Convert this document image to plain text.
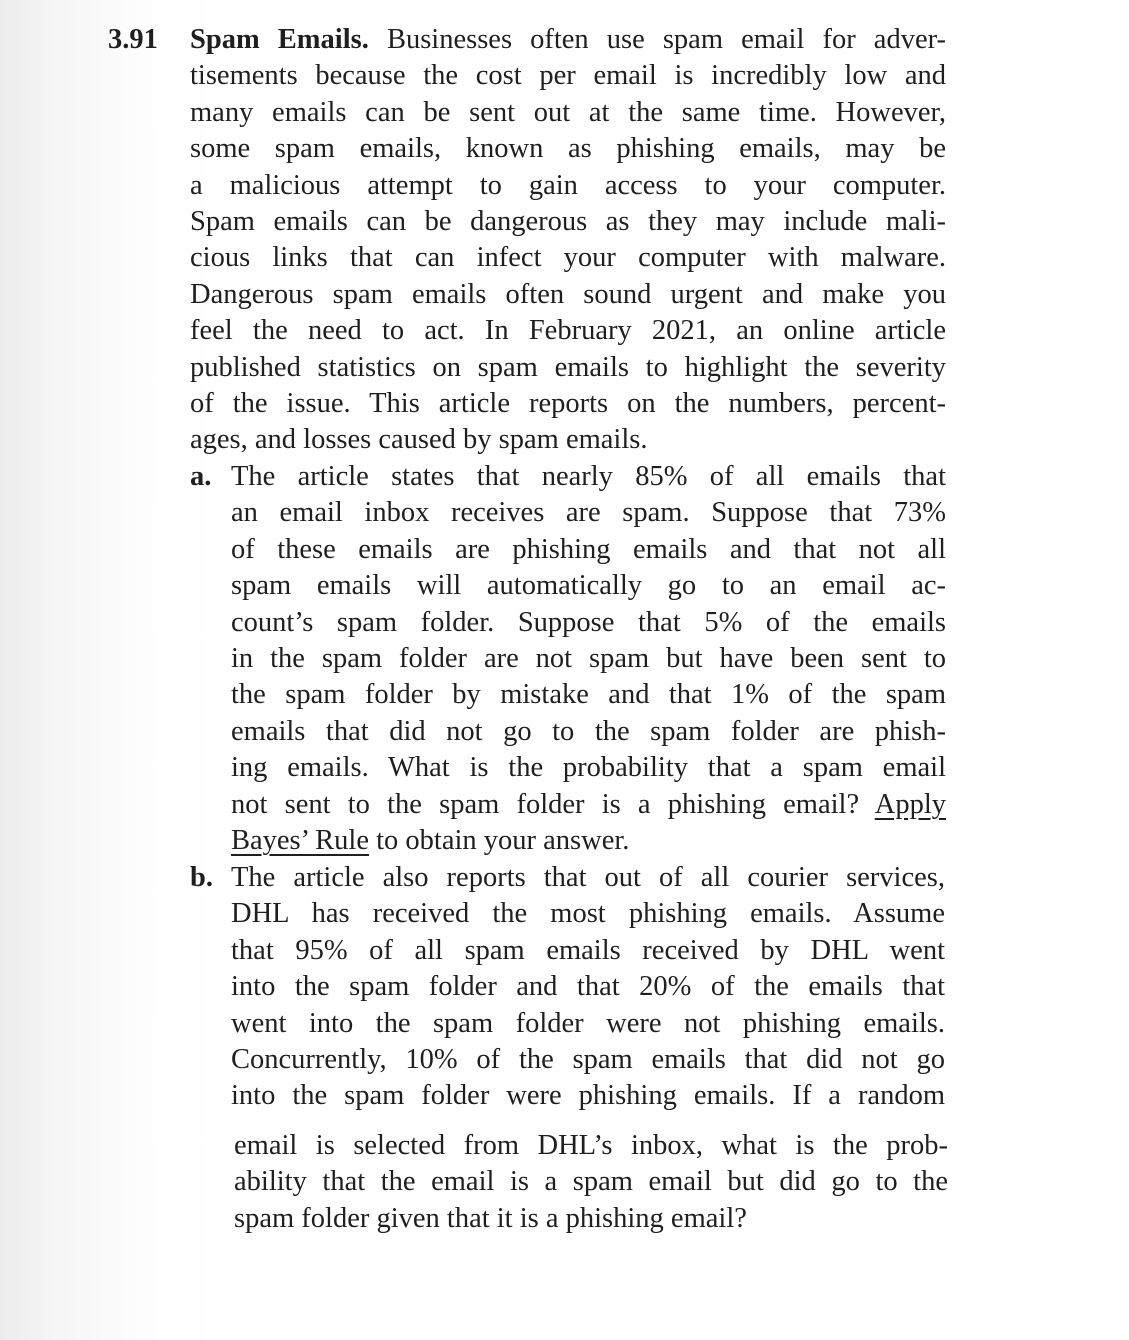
3.91 Spam Emails. Businesses often use spam email for adver-
tisements because the cost per email is incredibly low and
many emails can be sent out at the same time. However,
some spam emails, known as phishing emails, may be
a malicious attempt to gain access to your computer.
Spam emails can be dangerous as they may include mali-
cious links that can infect your computer with malware.
Dangerous spam emails often sound urgent and make you
feel the need to act. In February 2021, an online article
published statistics on spam emails to highlight the severity
of the issue. This article reports on the numbers, percent-
ages, and losses caused by spam emails.
a. The article states that nearly 85% of all emails that
an email inbox receives are spam. Suppose that 73%
of these emails are phishing emails and that not all
spam emails will automatically go to an email ac-
count’s spam folder. Suppose that 5% of the emails
in the spam folder are not spam but have been sent to
the spam folder by mistake and that 1% of the spam
emails that did not go to the spam folder are phish-
ing emails. What is the probability that a spam email
not sent to the spam folder is a phishing email? Apply
Bayes’ Rule to obtain your answer.
b. The article also reports that out of all courier services,
DHL has received the most phishing emails. Assume
that 95% of all spam emails received by DHL went
into the spam folder and that 20% of the emails that
went into the spam folder were not phishing emails.
Concurrently, 10% of the spam emails that did not go
into the spam folder were phishing emails. If a random
email is selected from DHL’s inbox, what is the prob-
ability that the email is a spam email but did go to the
spam folder given that it is a phishing email?
